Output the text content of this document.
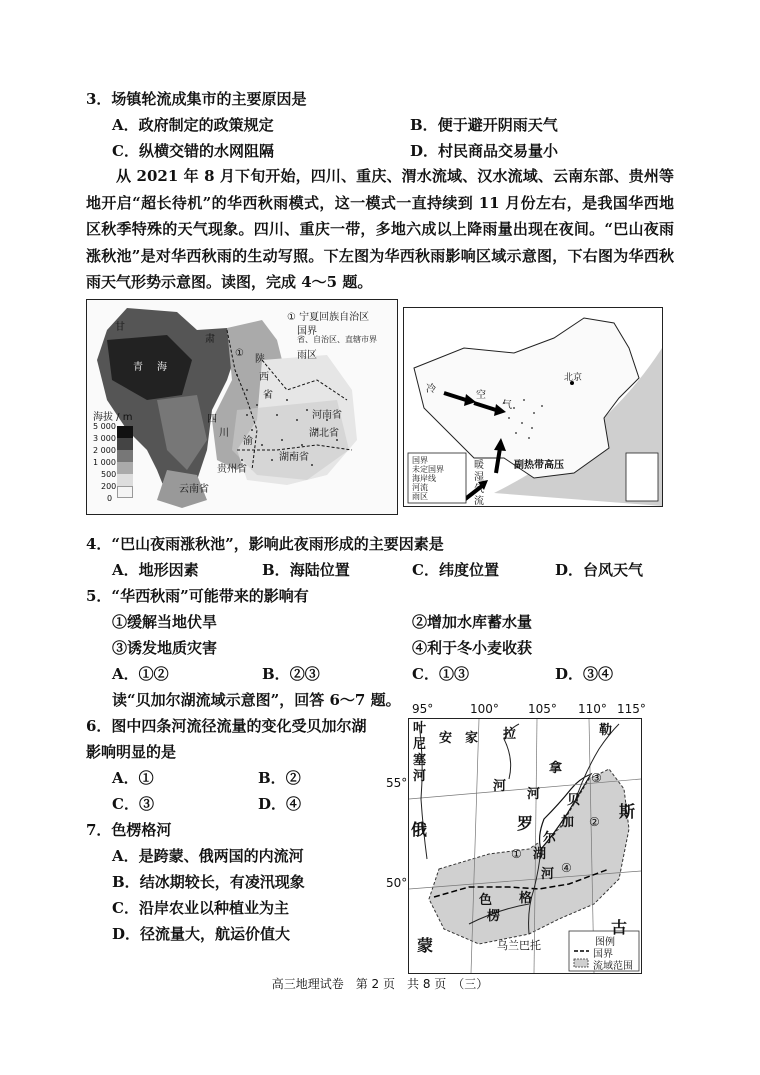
3．场镇轮流成集市的主要原因是
A．政府制定的政策规定	B．便于避开阴雨天气
C．纵横交错的水网阻隔	D．村民商品交易量小
从 2021 年 8 月下旬开始，四川、重庆、渭水流域、汉水流域、云南东部、贵州等地开启“超长待机”的华西秋雨模式，这一模式一直持续到 11 月份左右，是我国华西地区秋季特殊的天气现象。四川、重庆一带，多地六成以上降雨量出现在夜间。“巴山夜雨涨秋池”是对华西秋雨的生动写照。下左图为华西秋雨影响区域示意图，下右图为华西秋雨天气形势示意图。读图，完成 4～5 题。
① 宁夏回族自治区
国界
省、自治区、直辖市界
雨区
甘
肃
陕
西
省
青 海
河南省
湖北省
湖南省
贵州省
云南省
四
川
渝
①
海拔 / m
5 000
3 000
2 000
1 000
500
200
0
北京
冷
空
气
暖
湿
气
流
副热带高压
国界
未定国界
海岸线
河流
雨区
4．“巴山夜雨涨秋池”，影响此夜雨形成的主要因素是
A．地形因素	B．海陆位置	C．纬度位置	D．台风天气
5．“华西秋雨”可能带来的影响有
①缓解当地伏旱	②增加水库蓄水量
③诱发地质灾害	④利于冬小麦收获
A．①②	B．②③	C．①③	D．③④
读“贝加尔湖流域示意图”，回答 6～7 题。
6．图中四条河流径流量的变化受贝加尔湖
影响明显的是
A．①	B．②
C．③	D．④
7．色楞格河
A．是跨蒙、俄两国的内流河
B．结冰期较长，有凌汛现象
C．沿岸农业以种植业为主
D．径流量大，航运价值大
95°	100° 105° 110° 115°
55°
50°
叶
尼
塞
河
安 家 拉
河
勒
拿
河 贝
加
尔
湖
斯
罗
俄
色
楞
格
河
蒙
古
乌兰巴托
①
②
③
④
图例
国界
流域范围
高三地理试卷　第 2 页　共 8 页　（三）
